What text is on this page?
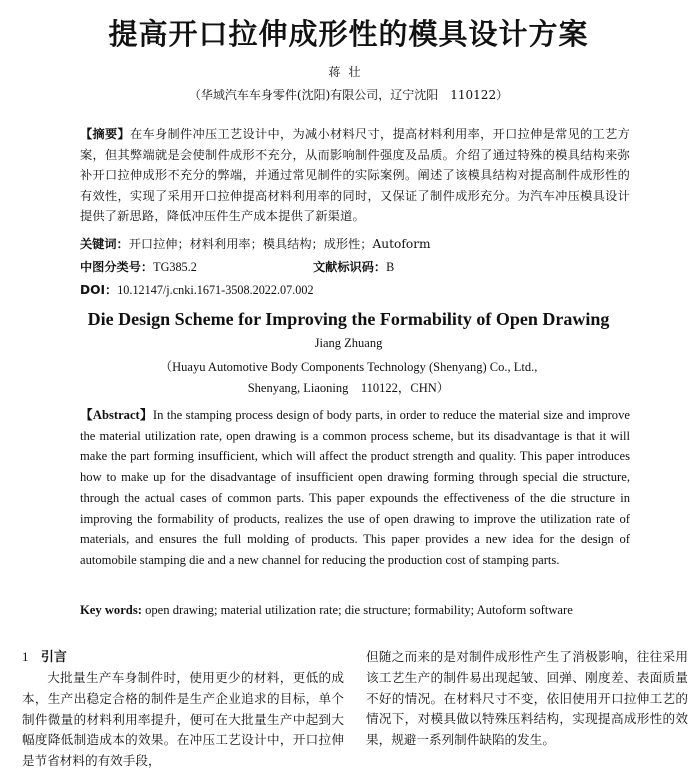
提高开口拉伸成形性的模具设计方案
蒋壮
（华域汽车车身零件(沈阳)有限公司，辽宁沈阳　110122）
【摘要】在车身制件冲压工艺设计中，为减小材料尺寸，提高材料利用率，开口拉伸是常见的工艺方案，但其弊端就是会使制件成形不充分，从而影响制件强度及品质。介绍了通过特殊的模具结构来弥补开口拉伸成形不充分的弊端，并通过常见制件的实际案例。阐述了该模具结构对提高制件成形性的有效性，实现了采用开口拉伸提高材料利用率的同时，又保证了制件成形充分。为汽车冲压模具设计提供了新思路，降低冲压件生产成本提供了新渠道。
关键词：开口拉伸；材料利用率；模具结构；成形性；Autoform
中图分类号：TG385.2	文献标识码：B
DOI：10.12147/j.cnki.1671-3508.2022.07.002
Die Design Scheme for Improving the Formability of Open Drawing
Jiang Zhuang
（Huayu Automotive Body Components Technology (Shenyang) Co., Ltd.,
Shenyang, Liaoning　110122，CHN）
【Abstract】In the stamping process design of body parts, in order to reduce the material size and improve the material utilization rate, open drawing is a common process scheme, but its disadvantage is that it will make the part forming insufficient, which will affect the product strength and quality. This paper introduces how to make up for the disadvantage of insufficient open drawing forming through special die structure, through the actual cases of common parts. This paper expounds the effectiveness of the die structure in improving the formability of products, realizes the use of open drawing to improve the utilization rate of materials, and ensures the full molding of products. This paper provides a new idea for the design of automobile stamping die and a new channel for reducing the production cost of stamping parts.
Key words: open drawing; material utilization rate; die structure; formability; Autoform software
1 引言
大批量生产车身制件时，使用更少的材料，更低的成本，生产出稳定合格的制件是生产企业追求的目标，单个制件微量的材料利用率提升，便可在大批量生产中起到大幅度降低制造成本的效果。在冲压工艺设计中，开口拉伸是节省材料的有效手段，
但随之而来的是对制件成形性产生了消极影响，往往采用该工艺生产的制件易出现起皱、回弹、刚度差、表面质量不好的情况。在材料尺寸不变，依旧使用开口拉伸工艺的情况下，对模具做以特殊压料结构，实现提高成形性的效果，规避一系列制件缺陷的发生。
